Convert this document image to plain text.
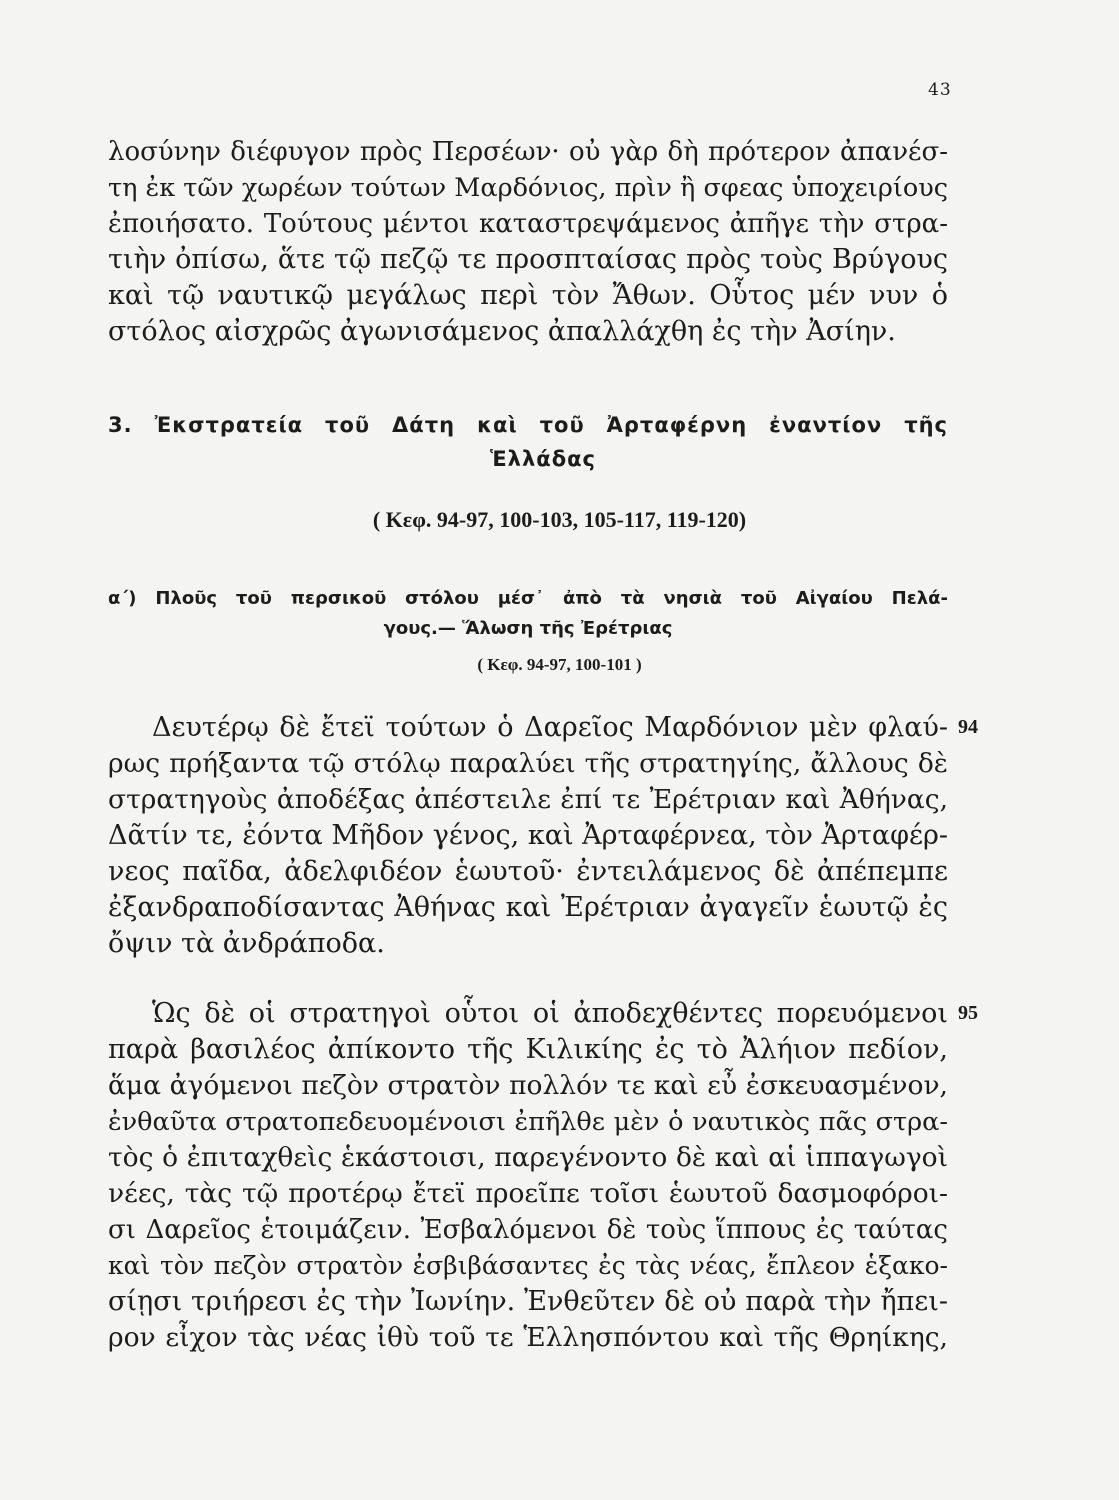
43
λοσύνην διέφυγον πρὸς Περσέων· οὐ γὰρ δὴ πρότερον ἀπανέσ-
τη ἐκ τῶν χωρέων τούτων Μαρδόνιος, πρὶν ἢ σφεας ὑποχειρίους
ἐποιήσατο. Τούτους μέντοι καταστρεψάμενος ἀπῆγε τὴν στρα-
τιὴν ὀπίσω, ἅτε τῷ πεζῷ τε προσπταίσας πρὸς τοὺς Βρύγους
καὶ τῷ ναυτικῷ μεγάλως περὶ τὸν Ἄθων. Οὗτος μέν νυν ὁ
στόλος αἰσχρῶς ἀγωνισάμενος ἀπαλλάχθη ἐς τὴν Ἀσίην.
3. Ἐκστρατεία τοῦ Δάτη καὶ τοῦ Ἀρταφέρνη ἐναντίον τῆς
Ἑλλάδας
( Κεφ. 94-97, 100-103, 105-117, 119-120)
α΄) Πλοῦς τοῦ περσικοῦ στόλου μέσ᾿ ἀπὸ τὰ νησιὰ τοῦ Αἰγαίου Πελά-
γους.— Ἅλωση τῆς Ἐρέτριας
( Κεφ. 94-97, 100-101 )
94
Δευτέρῳ δὲ ἔτεϊ τούτων ὁ Δαρεῖος Μαρδόνιον μὲν φλαύ-
ρως πρήξαντα τῷ στόλῳ παραλύει τῆς στρατηγίης, ἄλλους δὲ
στρατηγοὺς ἀποδέξας ἀπέστειλε ἐπί τε Ἐρέτριαν καὶ Ἀθήνας,
Δᾶτίν τε, ἐόντα Μῆδον γένος, καὶ Ἀρταφέρνεα, τὸν Ἀρταφέρ-
νεος παῖδα, ἀδελφιδέον ἑωυτοῦ· ἐντειλάμενος δὲ ἀπέπεμπε
ἐξανδραποδίσαντας Ἀθήνας καὶ Ἐρέτριαν ἀγαγεῖν ἑωυτῷ ἐς
ὄψιν τὰ ἀνδράποδα.
95
Ὡς δὲ οἱ στρατηγοὶ οὗτοι οἱ ἀποδεχθέντες πορευόμενοι
παρὰ βασιλέος ἀπίκοντο τῆς Κιλικίης ἐς τὸ Ἀλήιον πεδίον,
ἅμα ἀγόμενοι πεζὸν στρατὸν πολλόν τε καὶ εὖ ἐσκευασμένον,
ἐνθαῦτα στρατοπεδευομένοισι ἐπῆλθε μὲν ὁ ναυτικὸς πᾶς στρα-
τὸς ὁ ἐπιταχθεὶς ἑκάστοισι, παρεγένοντο δὲ καὶ αἱ ἱππαγωγοὶ
νέες, τὰς τῷ προτέρῳ ἔτεϊ προεῖπε τοῖσι ἑωυτοῦ δασμοφόροι-
σι Δαρεῖος ἑτοιμάζειν. Ἐσβαλόμενοι δὲ τοὺς ἵππους ἐς ταύτας
καὶ τὸν πεζὸν στρατὸν ἐσβιβάσαντες ἐς τὰς νέας, ἔπλεον ἑξακο-
σίῃσι τριήρεσι ἐς τὴν Ἰωνίην. Ἐνθεῦτεν δὲ οὐ παρὰ τὴν ἤπει-
ρον εἶχον τὰς νέας ἰθὺ τοῦ τε Ἑλλησπόντου καὶ τῆς Θρηίκης,
